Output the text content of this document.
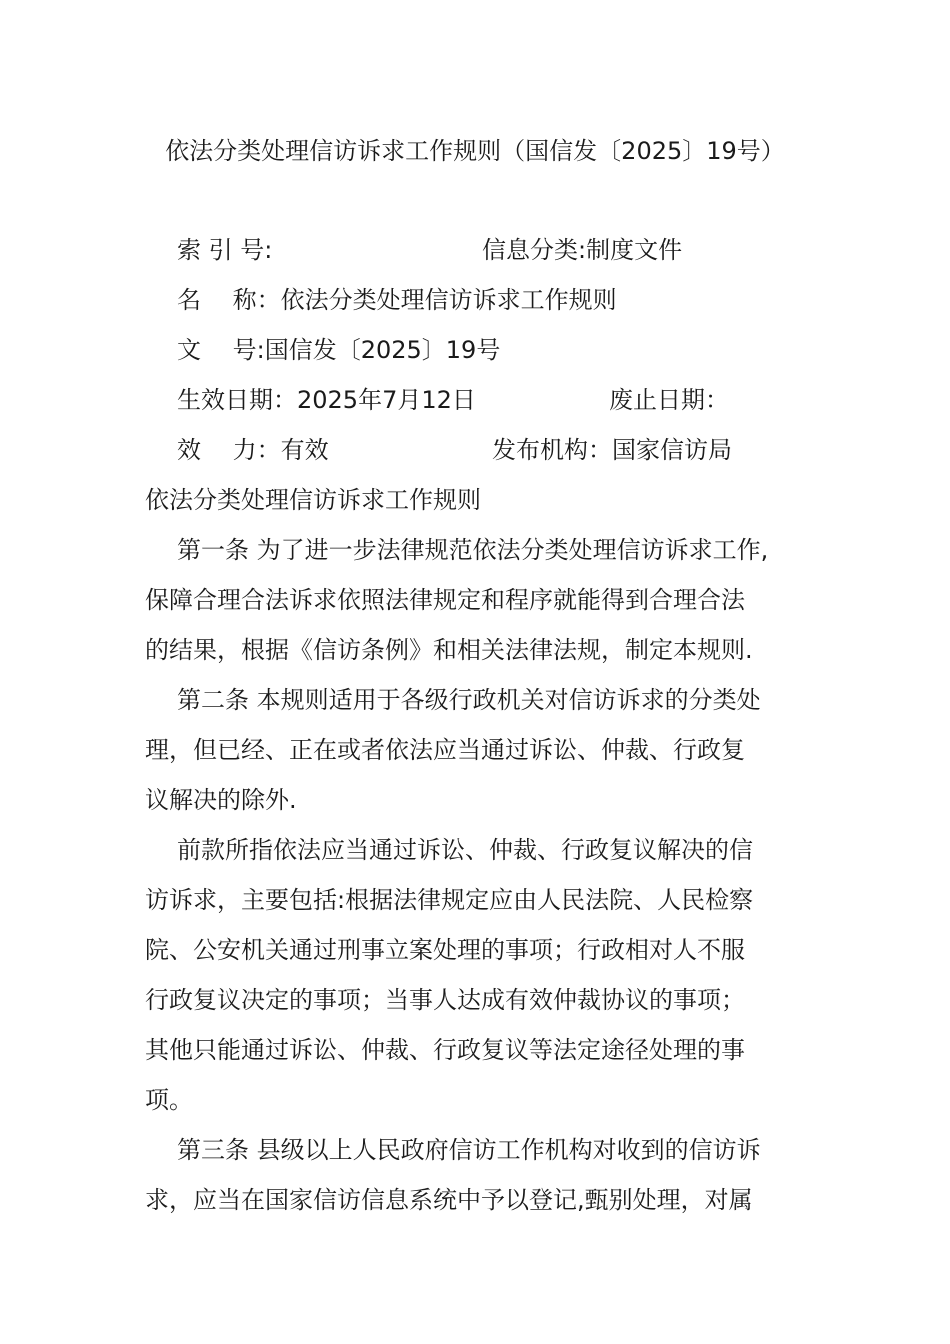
依法分类处理信访诉求工作规则（国信发〔2025〕19号）
索 引 号:	信息分类:制度文件
名　 称：依法分类处理信访诉求工作规则
文　 号:国信发〔2025〕19号
生效日期：2025年7月12日	废止日期：
效　 力：有效	发布机构：国家信访局
依法分类处理信访诉求工作规则
第一条 为了进一步法律规范依法分类处理信访诉求工作,
保障合理合法诉求依照法律规定和程序就能得到合理合法
的结果，根据《信访条例》和相关法律法规，制定本规则.
第二条 本规则适用于各级行政机关对信访诉求的分类处
理，但已经、正在或者依法应当通过诉讼、仲裁、行政复
议解决的除外.
前款所指依法应当通过诉讼、仲裁、行政复议解决的信
访诉求，主要包括:根据法律规定应由人民法院、人民检察
院、公安机关通过刑事立案处理的事项；行政相对人不服
行政复议决定的事项；当事人达成有效仲裁协议的事项；
其他只能通过诉讼、仲裁、行政复议等法定途径处理的事
项。
第三条 县级以上人民政府信访工作机构对收到的信访诉
求，应当在国家信访信息系统中予以登记,甄别处理，对属
